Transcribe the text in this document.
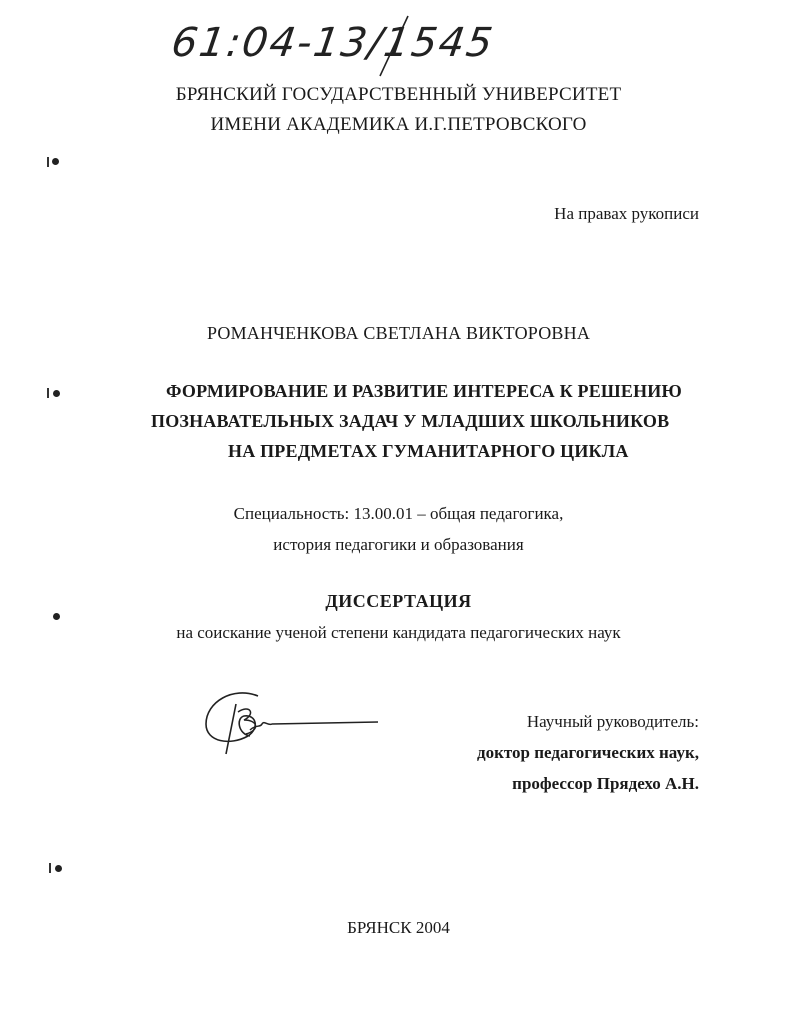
61:04-13/1545
БРЯНСКИЙ ГОСУДАРСТВЕННЫЙ УНИВЕРСИТЕТ
ИМЕНИ АКАДЕМИКА И.Г.ПЕТРОВСКОГО
На правах рукописи
РОМАНЧЕНКОВА СВЕТЛАНА ВИКТОРОВНА
ФОРМИРОВАНИЕ И РАЗВИТИЕ ИНТЕРЕСА К РЕШЕНИЮ
ПОЗНАВАТЕЛЬНЫХ ЗАДАЧ У МЛАДШИХ ШКОЛЬНИКОВ
НА ПРЕДМЕТАХ ГУМАНИТАРНОГО ЦИКЛА
Специальность: 13.00.01 – общая педагогика,
история педагогики и образования
ДИССЕРТАЦИЯ
на соискание ученой степени кандидата педагогических наук
Научный руководитель:
доктор педагогических наук,
профессор Прядехо А.Н.
БРЯНСК 2004
